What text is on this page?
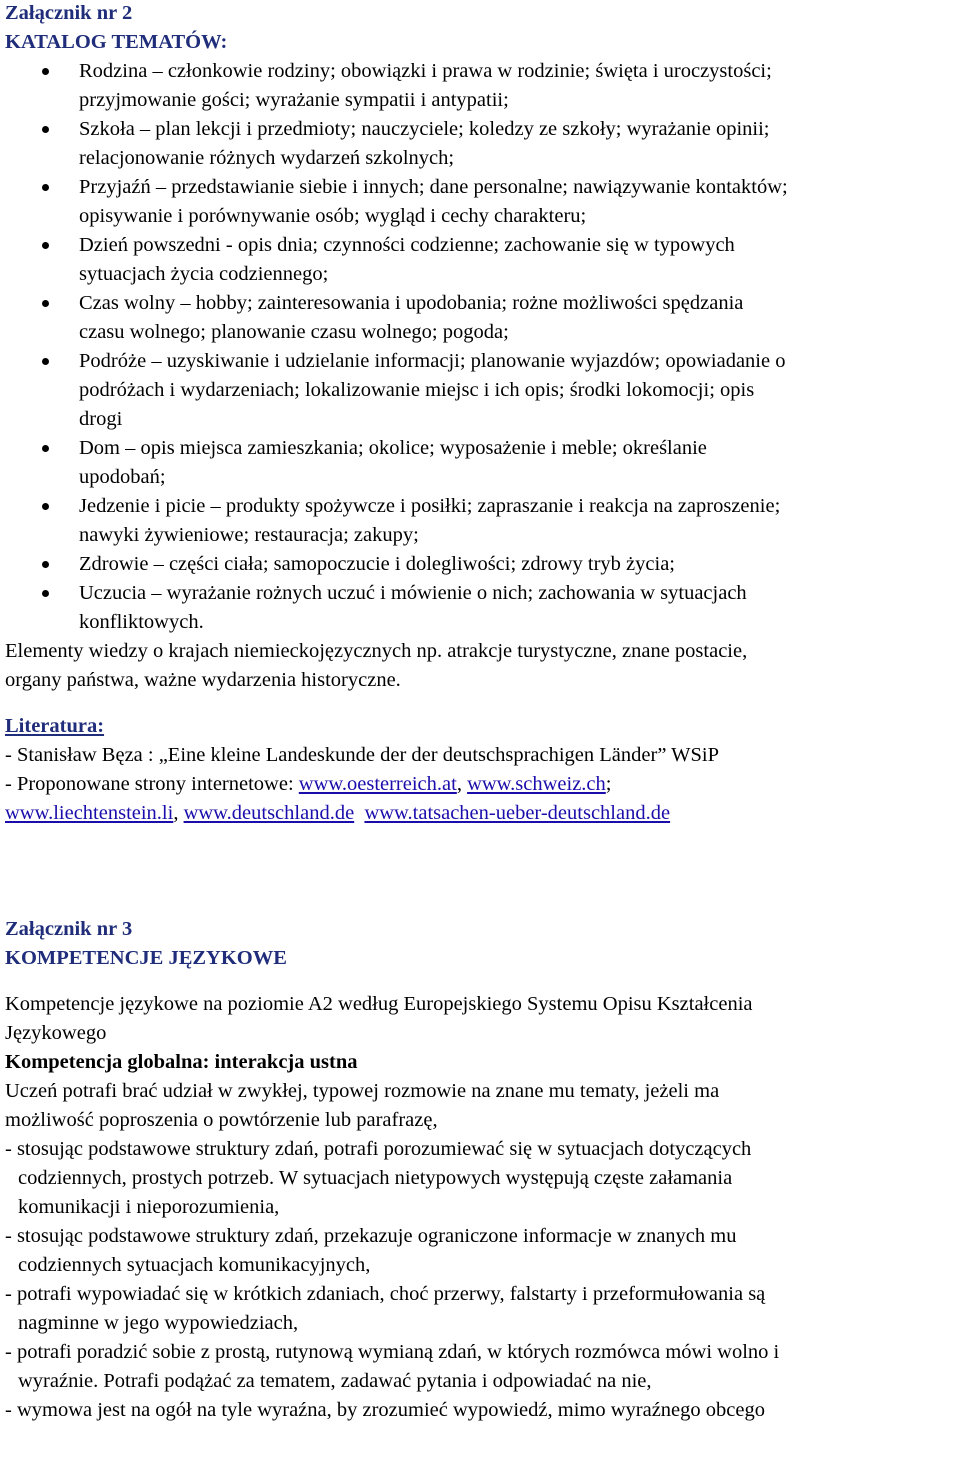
Załącznik nr 2
KATALOG TEMATÓW:
Rodzina – członkowie rodziny; obowiązki i prawa w rodzinie; święta i uroczystości;
przyjmowanie gości; wyrażanie sympatii i antypatii;
Szkoła – plan lekcji i przedmioty; nauczyciele; koledzy ze szkoły; wyrażanie opinii;
relacjonowanie różnych wydarzeń szkolnych;
Przyjaźń – przedstawianie siebie i innych; dane personalne; nawiązywanie kontaktów;
opisywanie i porównywanie osób; wygląd i cechy charakteru;
Dzień powszedni - opis dnia; czynności codzienne; zachowanie się w typowych
sytuacjach życia codziennego;
Czas wolny – hobby; zainteresowania i upodobania; rożne możliwości spędzania
czasu wolnego; planowanie czasu wolnego; pogoda;
Podróże – uzyskiwanie i udzielanie informacji; planowanie wyjazdów; opowiadanie o
podróżach i wydarzeniach; lokalizowanie miejsc i ich opis; środki lokomocji; opis
drogi
Dom – opis miejsca zamieszkania; okolice; wyposażenie i meble; określanie
upodobań;
Jedzenie i picie – produkty spożywcze i posiłki; zapraszanie i reakcja na zaproszenie;
nawyki żywieniowe; restauracja; zakupy;
Zdrowie – części ciała; samopoczucie i dolegliwości; zdrowy tryb życia;
Uczucia – wyrażanie rożnych uczuć i mówienie o nich; zachowania w sytuacjach
konfliktowych.
Elementy wiedzy o krajach niemieckojęzycznych np. atrakcje turystyczne, znane postacie,
organy państwa, ważne wydarzenia historyczne.
Literatura:
- Stanisław Bęza : „Eine kleine Landeskunde der der deutschsprachigen Länder” WSiP
- Proponowane strony internetowe: www.oesterreich.at, www.schweiz.ch;
www.liechtenstein.li, www.deutschland.de www.tatsachen-ueber-deutschland.de
Załącznik nr 3
KOMPETENCJE JĘZYKOWE
Kompetencje językowe na poziomie A2 według Europejskiego Systemu Opisu Kształcenia
Językowego
Kompetencja globalna: interakcja ustna
Uczeń potrafi brać udział w zwykłej, typowej rozmowie na znane mu tematy, jeżeli ma
możliwość poproszenia o powtórzenie lub parafrazę,
- stosując podstawowe struktury zdań, potrafi porozumiewać się w sytuacjach dotyczących
codziennych, prostych potrzeb. W sytuacjach nietypowych występują częste załamania
komunikacji i nieporozumienia,
- stosując podstawowe struktury zdań, przekazuje ograniczone informacje w znanych mu
codziennych sytuacjach komunikacyjnych,
- potrafi wypowiadać się w krótkich zdaniach, choć przerwy, falstarty i przeformułowania są
nagminne w jego wypowiedziach,
- potrafi poradzić sobie z prostą, rutynową wymianą zdań, w których rozmówca mówi wolno i
wyraźnie. Potrafi podążać za tematem, zadawać pytania i odpowiadać na nie,
- wymowa jest na ogół na tyle wyraźna, by zrozumieć wypowiedź, mimo wyraźnego obcego
